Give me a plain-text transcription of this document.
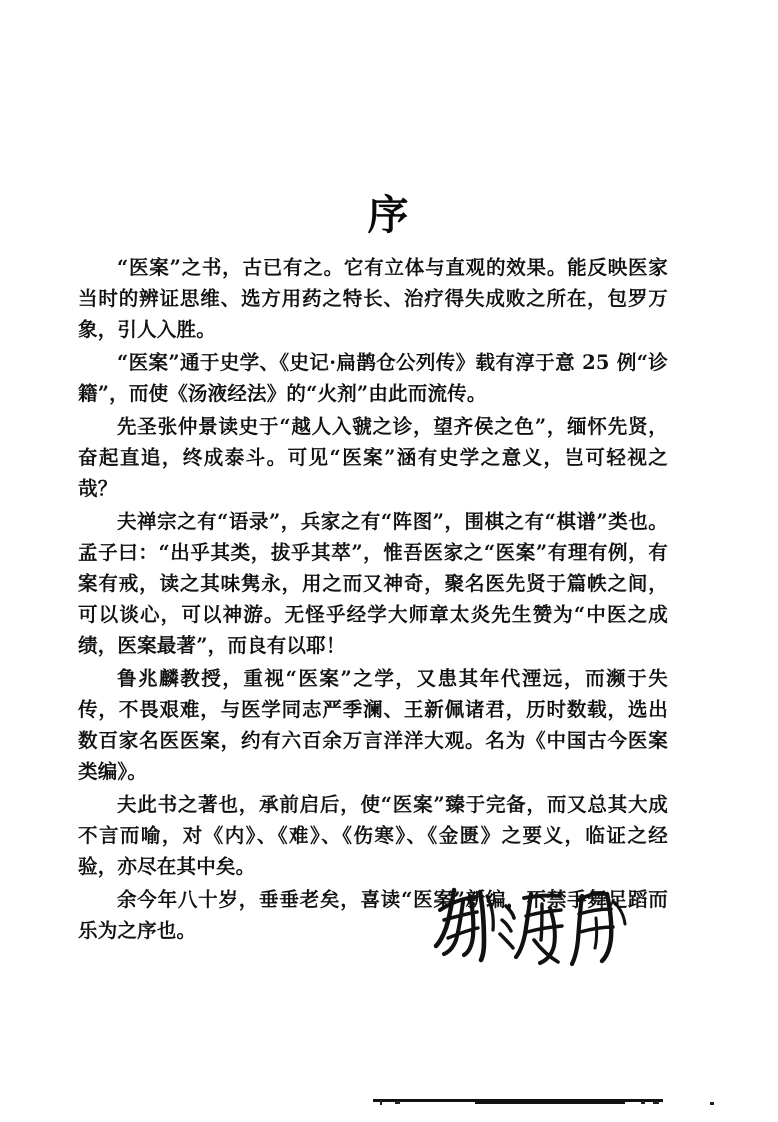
序

“医案”之书，古已有之。它有立体与直观的效果。能反映医家当时的辨证思维、选方用药之特长、治疗得失成败之所在，包罗万象，引人入胜。

“医案”通于史学、《史记·扁鹊仓公列传》载有淳于意 25 例“诊籍”，而使《汤液经法》的“火剂”由此而流传。

先圣张仲景读史于“越人入虢之诊，望齐侯之色”，缅怀先贤，奋起直追，终成泰斗。可见“医案”涵有史学之意义，岂可轻视之哉？

夫禅宗之有“语录”，兵家之有“阵图”，围棋之有“棋谱”类也。孟子曰：“出乎其类，拔乎其萃”，惟吾医家之“医案”有理有例，有案有戒，读之其味隽永，用之而又神奇，聚名医先贤于篇帙之间，可以谈心，可以神游。无怪乎经学大师章太炎先生赞为“中医之成绩，医案最著”，而良有以耶！

鲁兆麟教授，重视“医案”之学，又患其年代湮远，而濒于失传，不畏艰难，与医学同志严季澜、王新佩诸君，历时数载，选出数百家名医医案，约有六百余万言洋洋大观。名为《中国古今医案类编》。

夫此书之著也，承前启后，使“医案”臻于完备，而又总其大成不言而喻，对《内》、《难》、《伤寒》、《金匮》之要义，临证之经验，亦尽在其中矣。

余今年八十岁，垂垂老矣，喜读“医案”新编，不禁手舞足蹈而乐为之序也。
